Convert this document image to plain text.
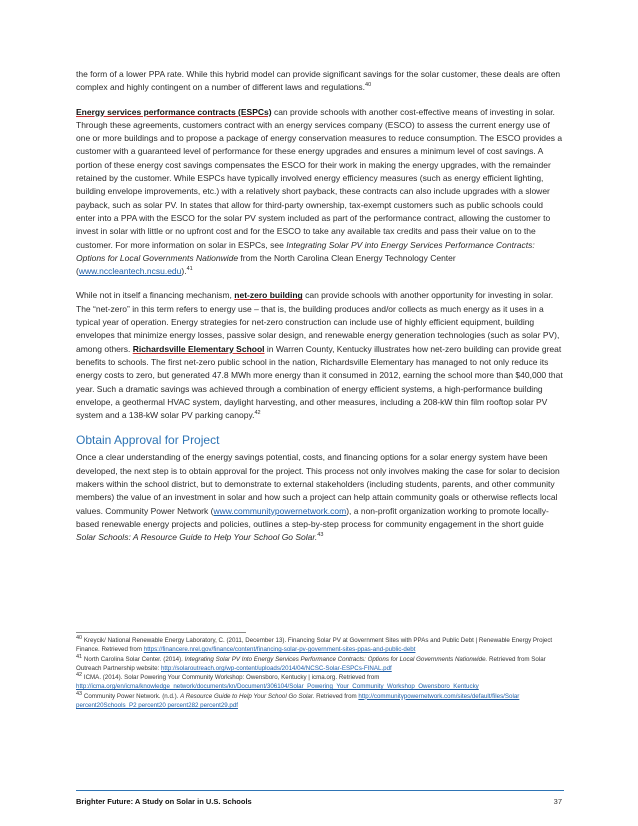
the form of a lower PPA rate. While this hybrid model can provide significant savings for the solar customer, these deals are often complex and highly contingent on a number of different laws and regulations.$^{40}$

Energy services performance contracts (ESPCs) can provide schools with another cost-effective means of investing in solar. Through these agreements, customers contract with an energy services company (ESCO) to assess the current energy use of one or more buildings and to propose a package of energy conservation measures to reduce consumption. The ESCO provides a customer with a guaranteed level of performance for these energy upgrades and ensures a minimum level of cost savings. A portion of these energy cost savings compensates the ESCO for their work in making the energy upgrades, with the remainder retained by the customer. While ESPCs have typically involved energy efficiency measures (such as energy efficient lighting, building envelope improvements, etc.) with a relatively short payback, these contracts can also include upgrades with a slower payback, such as solar PV. In states that allow for third-party ownership, tax-exempt customers such as public schools could enter into a PPA with the ESCO for the solar PV system included as part of the performance contract, allowing the customer to invest in solar with little or no upfront cost and for the ESCO to take any available tax credits and pass their value on to the customer. For more information on solar in ESPCs, see Integrating Solar PV into Energy Services Performance Contracts: Options for Local Governments Nationwide from the North Carolina Clean Energy Technology Center (www.nccleantech.ncsu.edu).$^{41}$

While not in itself a financing mechanism, net-zero building can provide schools with another opportunity for investing in solar. The “net-zero” in this term refers to energy use – that is, the building produces and/or collects as much energy as it uses in a typical year of operation. Energy strategies for net-zero construction can include use of highly efficient equipment, building envelopes that minimize energy losses, passive solar design, and renewable energy generation technologies (such as solar PV), among others. Richardsville Elementary School in Warren County, Kentucky illustrates how net-zero building can provide great benefits to schools. The first net-zero public school in the nation, Richardsville Elementary has managed to not only reduce its energy costs to zero, but generated 47.8 MWh more energy than it consumed in 2012, earning the school more than $40,000 that year. Such a dramatic savings was achieved through a combination of energy efficient systems, a high-performance building envelope, a geothermal HVAC system, daylight harvesting, and other measures, including a 208-kW thin film rooftop solar PV system and a 138-kW solar PV parking canopy.$^{42}$

Obtain Approval for Project

Once a clear understanding of the energy savings potential, costs, and financing options for a solar energy system have been developed, the next step is to obtain approval for the project. This process not only involves making the case for solar to decision makers within the school district, but to demonstrate to external stakeholders (including students, parents, and other community members) the value of an investment in solar and how such a project can help attain community goals or otherwise reflects local values. Community Power Network (www.communitypowernetwork.com), a non-profit organization working to promote locally-based renewable energy projects and policies, outlines a step-by-step process for community engagement in the short guide Solar Schools: A Resource Guide to Help Your School Go Solar.$^{43}$

$^{40}$ Kreycik/ National Renewable Energy Laboratory, C. (2011, December 13). Financing Solar PV at Government Sites with PPAs and Public Debt | Renewable Energy Project Finance. Retrieved from https://financere.nrel.gov/finance/content/financing-solar-pv-government-sites-ppas-and-public-debt
$^{41}$ North Carolina Solar Center. (2014). Integrating Solar PV Into Energy Services Performance Contracts: Options for Local Governments Nationwide. Retrieved from Solar Outreach Partnership website: http://solaroutreach.org/wp-content/uploads/2014/04/NCSC-Solar-ESPCs-FINAL.pdf
$^{42}$ ICMA. (2014). Solar Powering Your Community Workshop: Owensboro, Kentucky | icma.org. Retrieved from http://icma.org/en/icma/knowledge_network/documents/kn/Document/306104/Solar_Powering_Your_Community_Workshop_Owensboro_Kentucky
$^{43}$ Community Power Network. (n.d.). A Resource Guide to Help Your School Go Solar. Retrieved from http://communitypowernetwork.com/sites/default/files/Solar percent20Schools_P2 percent20 percent282 percent29.pdf
Brighter Future: A Study on Solar in U.S. Schools	37
